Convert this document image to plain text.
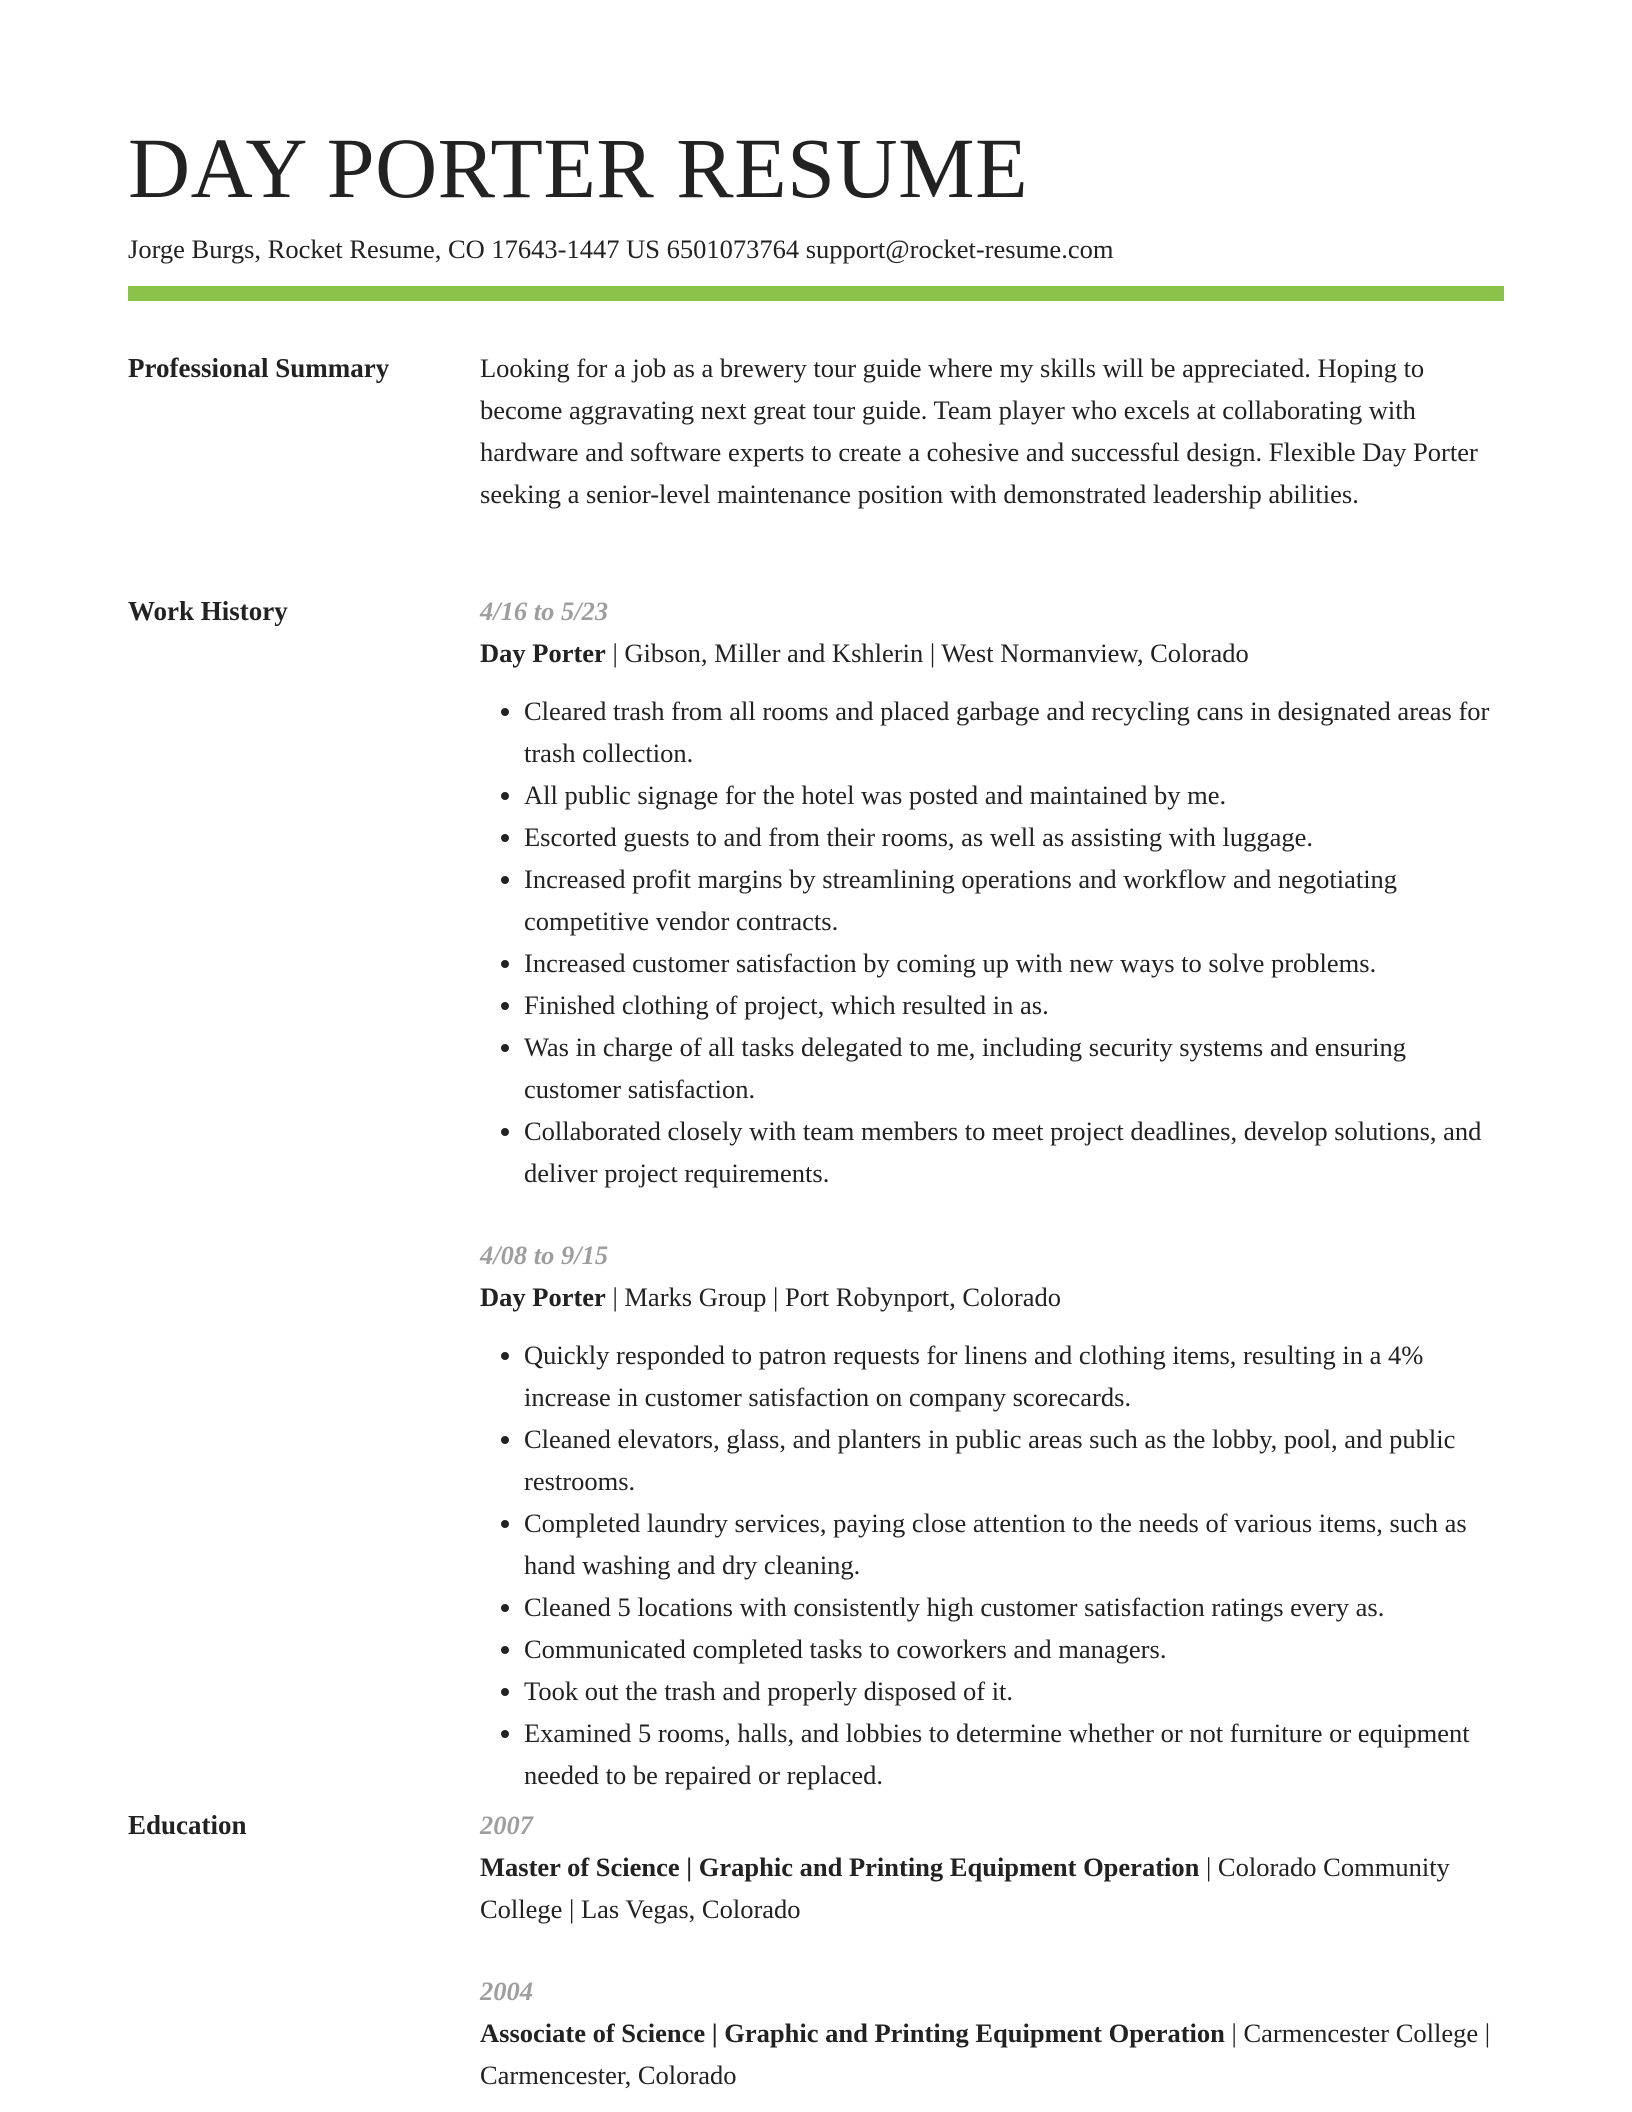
DAY PORTER RESUME
Jorge Burgs, Rocket Resume, CO 17643-1447 US 6501073764 support@rocket-resume.com
Professional Summary	Looking for a job as a brewery tour guide where my skills will be appreciated. Hoping to become aggravating next great tour guide. Team player who excels at collaborating with hardware and software experts to create a cohesive and successful design. Flexible Day Porter seeking a senior-level maintenance position with demonstrated leadership abilities.

Work History	4/16 to 5/23

Day Porter | Gibson, Miller and Kshlerin | West Normanview, Colorado

• Cleared trash from all rooms and placed garbage and recycling cans in designated areas for trash collection.
• All public signage for the hotel was posted and maintained by me.
• Escorted guests to and from their rooms, as well as assisting with luggage.
• Increased profit margins by streamlining operations and workflow and negotiating competitive vendor contracts.
• Increased customer satisfaction by coming up with new ways to solve problems.
• Finished clothing of project, which resulted in as.
• Was in charge of all tasks delegated to me, including security systems and ensuring customer satisfaction.
• Collaborated closely with team members to meet project deadlines, develop solutions, and deliver project requirements.
4/08 to 9/15

Day Porter | Marks Group | Port Robynport, Colorado

• Quickly responded to patron requests for linens and clothing items, resulting in a 4% increase in customer satisfaction on company scorecards.
• Cleaned elevators, glass, and planters in public areas such as the lobby, pool, and public restrooms.
• Completed laundry services, paying close attention to the needs of various items, such as hand washing and dry cleaning.
• Cleaned 5 locations with consistently high customer satisfaction ratings every as.
• Communicated completed tasks to coworkers and managers.
• Took out the trash and properly disposed of it.
• Examined 5 rooms, halls, and lobbies to determine whether or not furniture or equipment needed to be repaired or replaced.
Education	2007

Master of Science | Graphic and Printing Equipment Operation | Colorado Community College | Las Vegas, Colorado

2004

Associate of Science | Graphic and Printing Equipment Operation | Carmencester College | Carmencester, Colorado
